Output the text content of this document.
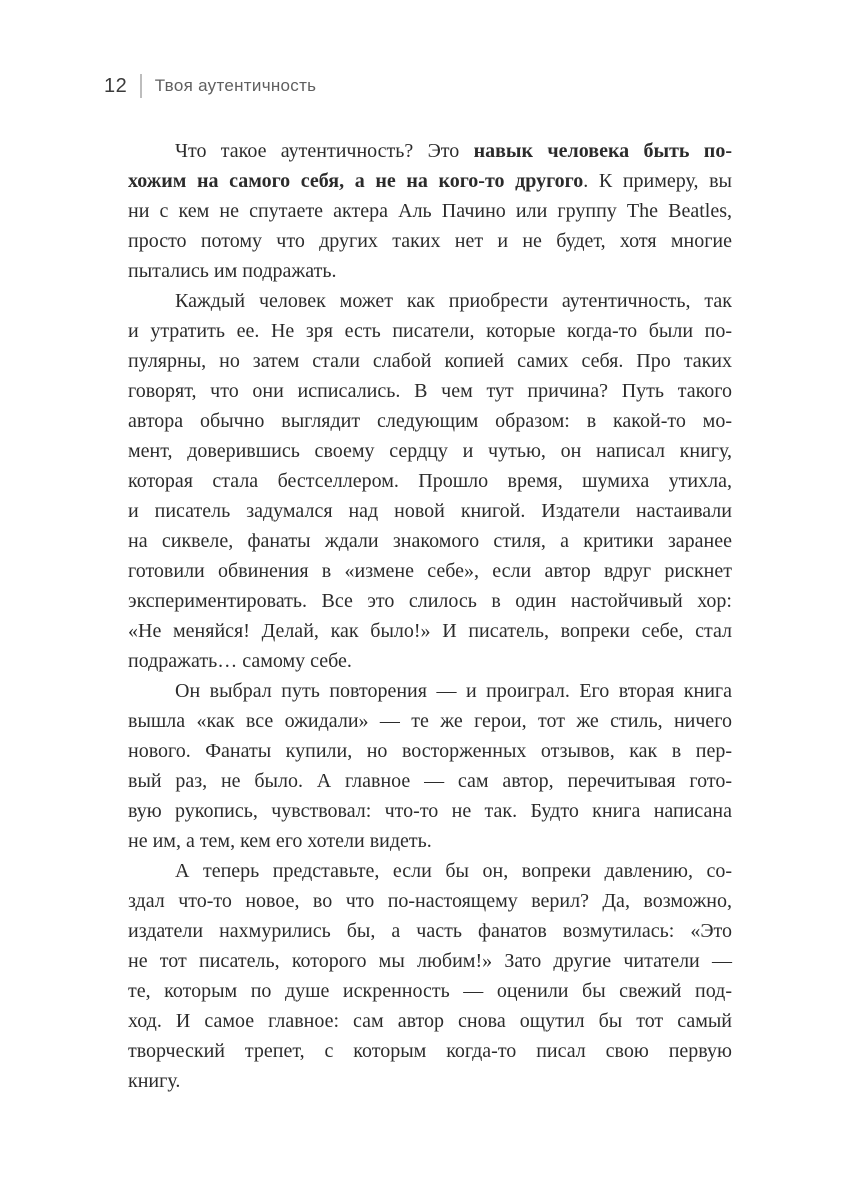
12 Твоя аутентичность
Что такое аутентичность? Это навык человека быть по-
хожим на самого себя, а не на кого-то другого. К примеру, вы
ни с кем не спутаете актера Аль Пачино или группу The Beatles,
просто потому что других таких нет и не будет, хотя многие
пытались им подражать.
Каждый человек может как приобрести аутентичность, так
и утратить ее. Не зря есть писатели, которые когда-то были по-
пулярны, но затем стали слабой копией самих себя. Про таких
говорят, что они исписались. В чем тут причина? Путь такого
автора обычно выглядит следующим образом: в какой-то мо-
мент, доверившись своему сердцу и чутью, он написал книгу,
которая стала бестселлером. Прошло время, шумиха утихла,
и писатель задумался над новой книгой. Издатели настаивали
на сиквеле, фанаты ждали знакомого стиля, а критики заранее
готовили обвинения в «измене себе», если автор вдруг рискнет
экспериментировать. Все это слилось в один настойчивый хор:
«Не меняйся! Делай, как было!» И писатель, вопреки себе, стал
подражать… самому себе.
Он выбрал путь повторения — и проиграл. Его вторая книга
вышла «как все ожидали» — те же герои, тот же стиль, ничего
нового. Фанаты купили, но восторженных отзывов, как в пер-
вый раз, не было. А главное — сам автор, перечитывая гото-
вую рукопись, чувствовал: что-то не так. Будто книга написана
не им, а тем, кем его хотели видеть.
А теперь представьте, если бы он, вопреки давлению, со-
здал что-то новое, во что по-настоящему верил? Да, возможно,
издатели нахмурились бы, а часть фанатов возмутилась: «Это
не тот писатель, которого мы любим!» Зато другие читатели —
те, которым по душе искренность — оценили бы свежий под-
ход. И самое главное: сам автор снова ощутил бы тот самый
творческий трепет, с которым когда-то писал свою первую
книгу.
